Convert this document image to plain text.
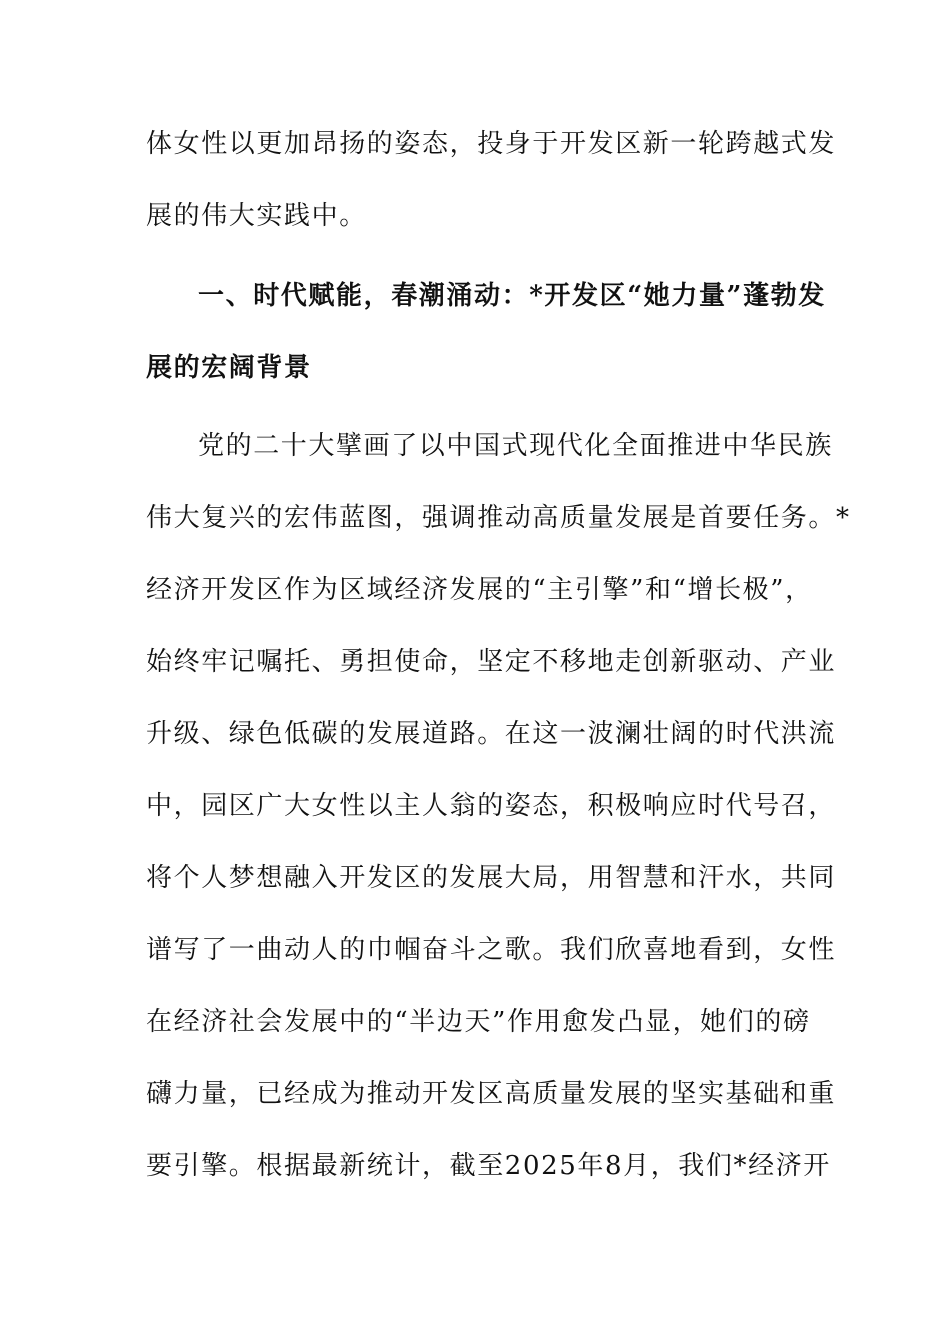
体女性以更加昂扬的姿态，投身于开发区新一轮跨越式发
展的伟大实践中。
一、时代赋能，春潮涌动：*开发区“她力量”蓬勃发
展的宏阔背景
党的二十大擘画了以中国式现代化全面推进中华民族
伟大复兴的宏伟蓝图，强调推动高质量发展是首要任务。*
经济开发区作为区域经济发展的“主引擎”和“增长极”，
始终牢记嘱托、勇担使命，坚定不移地走创新驱动、产业
升级、绿色低碳的发展道路。在这一波澜壮阔的时代洪流
中，园区广大女性以主人翁的姿态，积极响应时代号召，
将个人梦想融入开发区的发展大局，用智慧和汗水，共同
谱写了一曲动人的巾帼奋斗之歌。我们欣喜地看到，女性
在经济社会发展中的“半边天”作用愈发凸显，她们的磅
礴力量，已经成为推动开发区高质量发展的坚实基础和重
要引擎。根据最新统计，截至2025年8月，我们*经济开
